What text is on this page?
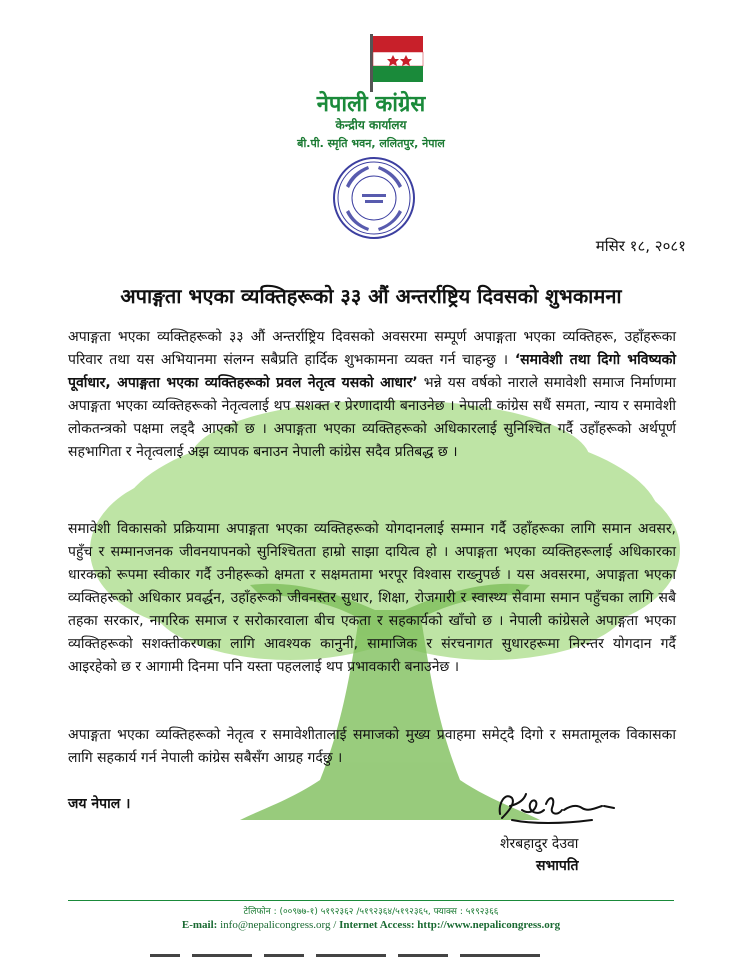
नेपाली कांग्रेस
केन्द्रीय कार्यालय
बी.पी. स्मृति भवन, ललितपुर, नेपाल
मसिर १८, २०८१
अपाङ्गता भएका व्यक्तिहरूको ३३ औं अन्तर्राष्ट्रिय दिवसको शुभकामना
अपाङ्गता भएका व्यक्तिहरूको ३३ औं अन्तर्राष्ट्रिय दिवसको अवसरमा सम्पूर्ण अपाङ्गता भएका व्यक्तिहरू, उहाँहरूका परिवार तथा यस अभियानमा संलग्न सबैप्रति हार्दिक शुभकामना व्यक्त गर्न चाहन्छु । ‘समावेशी तथा दिगो भविष्यको पूर्वाधार, अपाङ्गता भएका व्यक्तिहरूको प्रवल नेतृत्व यसको आधार’ भन्ने यस वर्षको नाराले समावेशी समाज निर्माणमा अपाङ्गता भएका व्यक्तिहरूको नेतृत्वलाई थप सशक्त र प्रेरणादायी बनाउनेछ । नेपाली कांग्रेस सधैं समता, न्याय र समावेशी लोकतन्त्रको पक्षमा लड्दै आएको छ । अपाङ्गता भएका व्यक्तिहरूको अधिकारलाई सुनिश्चित गर्दै उहाँहरूको अर्थपूर्ण सहभागिता र नेतृत्वलाई अझ व्यापक बनाउन नेपाली कांग्रेस सदैव प्रतिबद्ध छ ।
समावेशी विकासको प्रक्रियामा अपाङ्गता भएका व्यक्तिहरूको योगदानलाई सम्मान गर्दै उहाँहरूका लागि समान अवसर, पहुँच र सम्मानजनक जीवनयापनको सुनिश्चितता हाम्रो साझा दायित्व हो । अपाङ्गता भएका व्यक्तिहरूलाई अधिकारका धारकको रूपमा स्वीकार गर्दै उनीहरूको क्षमता र सक्षमतामा भरपूर विश्वास राख्नुपर्छ । यस अवसरमा, अपाङ्गता भएका व्यक्तिहरूको अधिकार प्रवर्द्धन, उहाँहरूको जीवनस्तर सुधार, शिक्षा, रोजगारी र स्वास्थ्य सेवामा समान पहुँचका लागि सबै तहका सरकार, नागरिक समाज र सरोकारवाला बीच एकता र सहकार्यको खाँचो छ । नेपाली कांग्रेसले अपाङ्गता भएका व्यक्तिहरूको सशक्तीकरणका लागि आवश्यक कानुनी, सामाजिक र संरचनागत सुधारहरूमा निरन्तर योगदान गर्दै आइरहेको छ र आगामी दिनमा पनि यस्ता पहललाई थप प्रभावकारी बनाउनेछ ।
अपाङ्गता भएका व्यक्तिहरूको नेतृत्व र समावेशीतालाई समाजको मुख्य प्रवाहमा समेट्दै दिगो र समतामूलक विकासका लागि सहकार्य गर्न नेपाली कांग्रेस सबैसँग आग्रह गर्दछु ।
जय नेपाल ।
शेरबहादुर देउवा
सभापति
टेलिफोन : (००९७७-१) ५१९२३६२ /५१९२३६४/५१९२३६५, फ्याक्स : ५१९२३६६
E-mail: info@nepalicongress.org / Internet Access: http://www.nepalicongress.org
